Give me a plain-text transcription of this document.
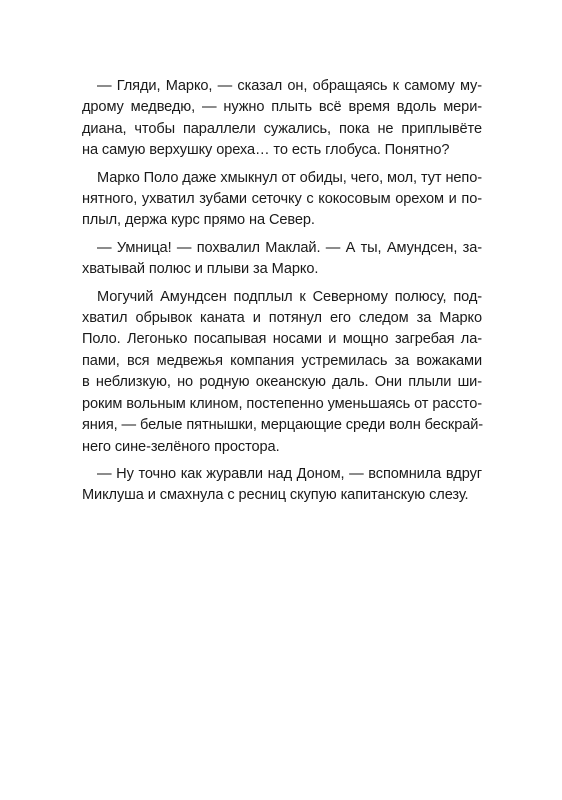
— Гляди, Марко, — сказал он, обращаясь к самому му-
дрому медведю, — нужно плыть всё время вдоль мери-
диана, чтобы параллели сужались, пока не приплывёте
на самую верхушку ореха… то есть глобуса. Понятно?

Марко Поло даже хмыкнул от обиды, чего, мол, тут непо-
нятного, ухватил зубами сеточку с кокосовым орехом и по-
плыл, держа курс прямо на Север.

— Умница! — похвалил Маклай. — А ты, Амундсен, за-
хватывай полюс и плыви за Марко.

Могучий Амундсен подплыл к Северному полюсу, под-
хватил обрывок каната и потянул его следом за Марко
Поло. Легонько посапывая носами и мощно загребая ла-
пами, вся медвежья компания устремилась за вожаками
в неблизкую, но родную океанскую даль. Они плыли ши-
роким вольным клином, постепенно уменьшаясь от рассто-
яния, — белые пятнышки, мерцающие среди волн бескрай-
него сине-зелёного простора.

— Ну точно как журавли над Доном, — вспомнила вдруг
Миклуша и смахнула с ресниц скупую капитанскую слезу.
